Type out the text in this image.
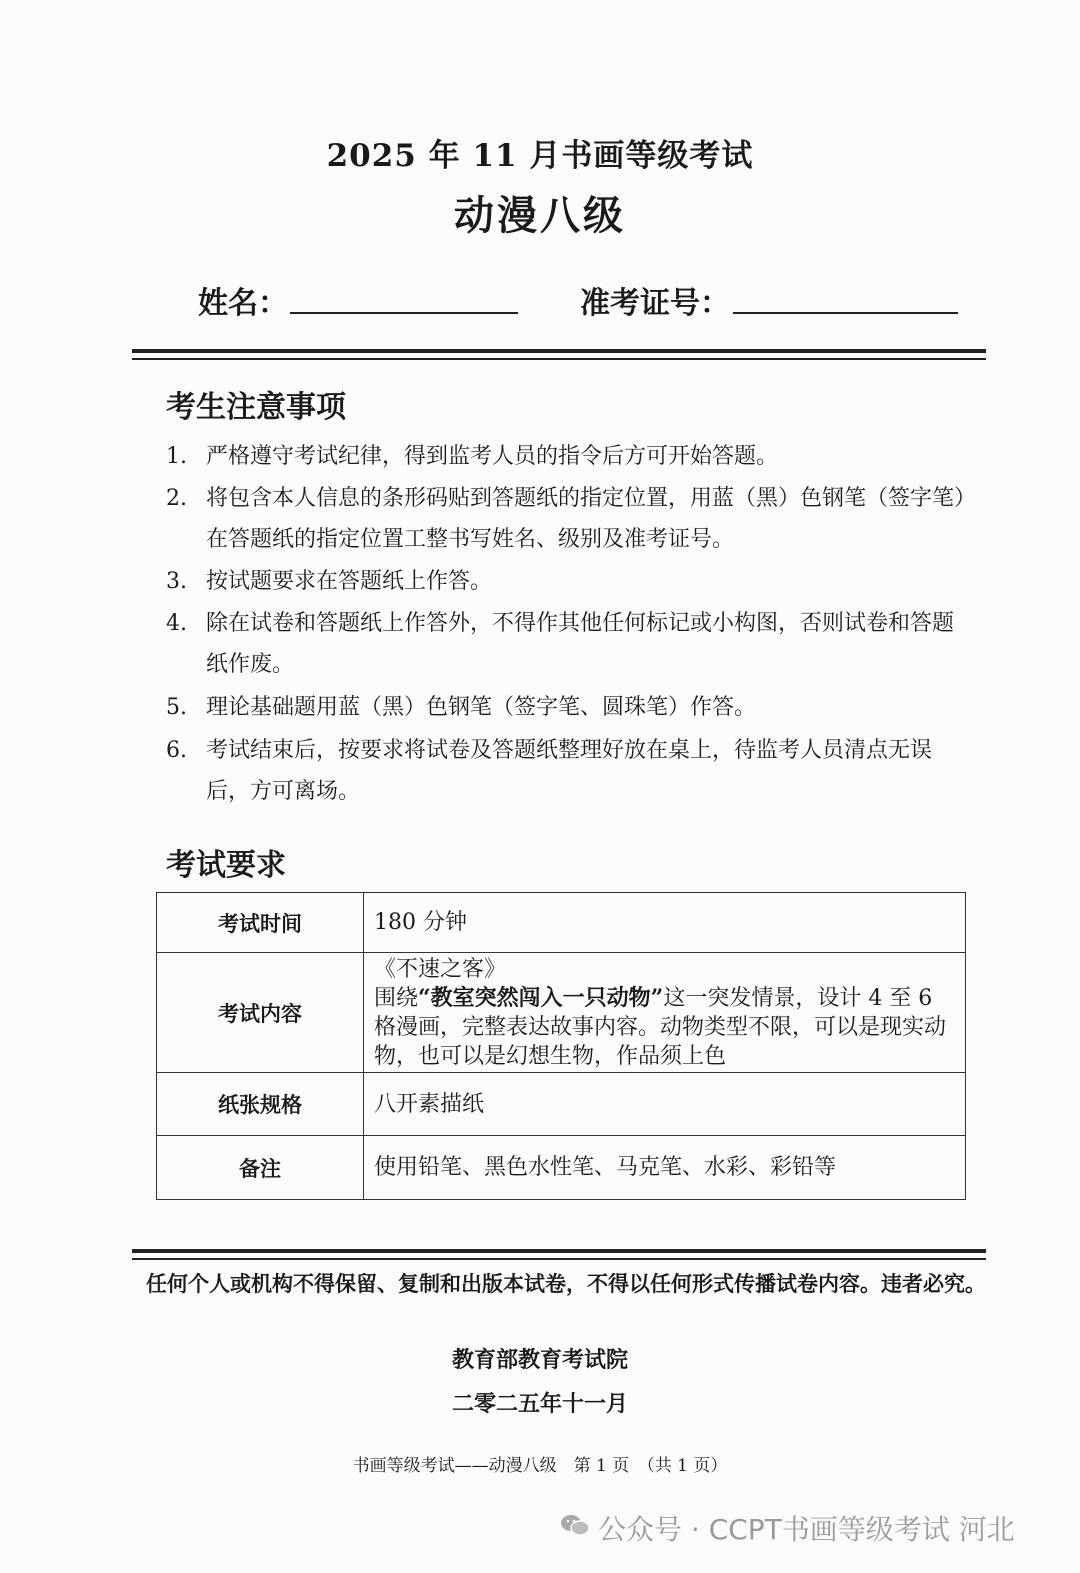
2025 年 11 月书画等级考试
动漫八级
姓名：	准考证号：
考生注意事项
1. 严格遵守考试纪律，得到监考人员的指令后方可开始答题。
2. 将包含本人信息的条形码贴到答题纸的指定位置，用蓝（黑）色钢笔（签字笔）在答题纸的指定位置工整书写姓名、级别及准考证号。
3. 按试题要求在答题纸上作答。
4. 除在试卷和答题纸上作答外，不得作其他任何标记或小构图，否则试卷和答题纸作废。
5. 理论基础题用蓝（黑）色钢笔（签字笔、圆珠笔）作答。
6. 考试结束后，按要求将试卷及答题纸整理好放在桌上，待监考人员清点无误后，方可离场。
考试要求
考试时间	180 分钟
考试内容	《不速之客》
围绕“教室突然闯入一只动物”这一突发情景，设计 4 至 6 格漫画，完整表达故事内容。动物类型不限，可以是现实动物，也可以是幻想生物，作品须上色

纸张规格	八开素描纸
备注	使用铅笔、黑色水性笔、马克笔、水彩、彩铅等
任何个人或机构不得保留、复制和出版本试卷，不得以任何形式传播试卷内容。违者必究。
教育部教育考试院
二零二五年十一月
书画等级考试——动漫八级　第 1 页　（共 1 页）
公众号 · CCPT书画等级考试 河北
